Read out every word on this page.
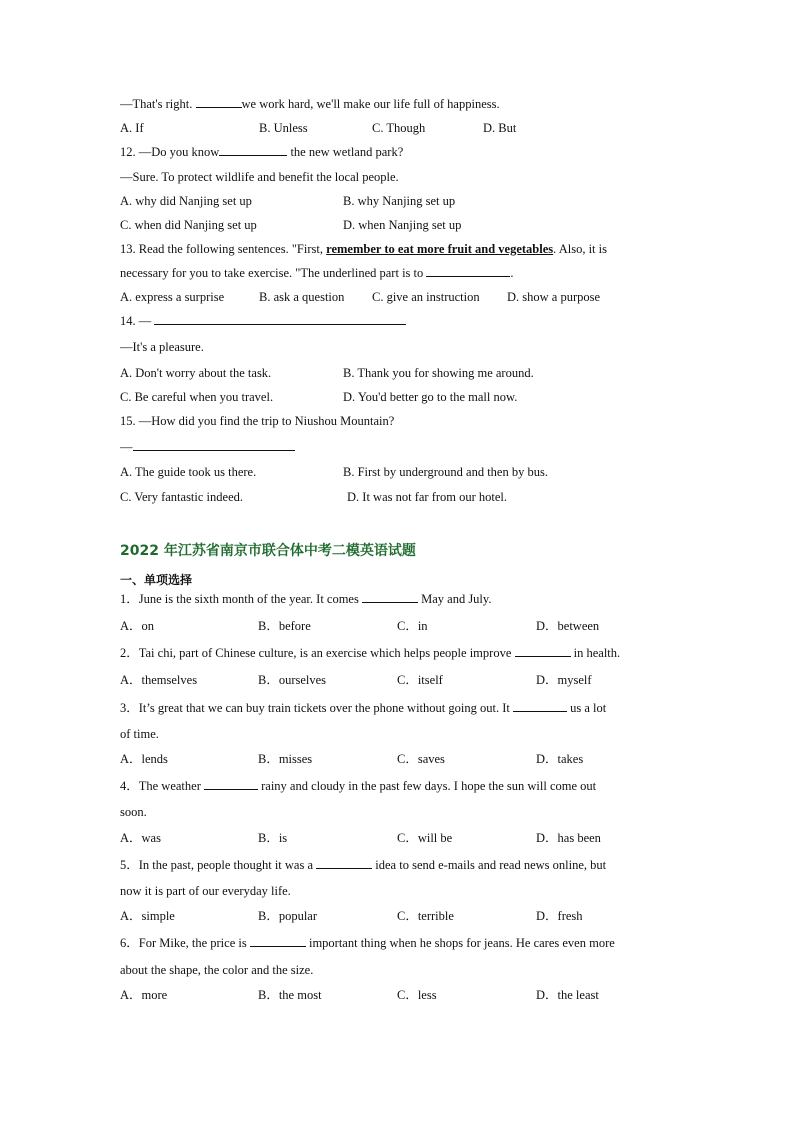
—That's right.	we work hard, we'll make our life full of happiness.
A. If	B. Unless	C. Though	D. But
12. —Do you know	the new wetland park?
—Sure. To protect wildlife and benefit the local people.
A. why did Nanjing set up	B. why Nanjing set up
C. when did Nanjing set up	D. when Nanjing set up
13. Read the following sentences. "First, remember to eat more fruit and vegetables. Also, it is
necessary for you to take exercise. "The underlined part is to	.
A. express a surprise	B. ask a question C. give an instruction D. show a purpose
14. —
—It's a pleasure.
A. Don't worry about the task.	B. Thank you for showing me around.
C. Be careful when you travel.	D. You'd better go to the mall now.
15. —How did you find the trip to Niushou Mountain?
—
A. The guide took us there.	B. First by underground and then by bus.
C. Very fantastic indeed.	D. It was not far from our hotel.
2022 年江苏省南京市联合体中考二模英语试题
一、单项选择
1．June is the sixth month of the year. It comes	May and July.
A．on	B．before	C．in	D．between
2．Tai chi, part of Chinese culture, is an exercise which helps people improve	in health.
A．themselves	B．ourselves	C．itself	D．myself
3．It’s great that we can buy train tickets over the phone without going out. It	us a lot
of time.
A．lends	B．misses	C．saves	D．takes
4．The weather	rainy and cloudy in the past few days. I hope the sun will come out
soon.
A．was	B．is	C．will be	D．has been
5．In the past, people thought it was a	idea to send e-mails and read news online, but
now it is part of our everyday life.
A．simple	B．popular	C．terrible	D．fresh
6．For Mike, the price is	important thing when he shops for jeans. He cares even more
about the shape, the color and the size.
A．more	B．the most	C．less	D．the least
